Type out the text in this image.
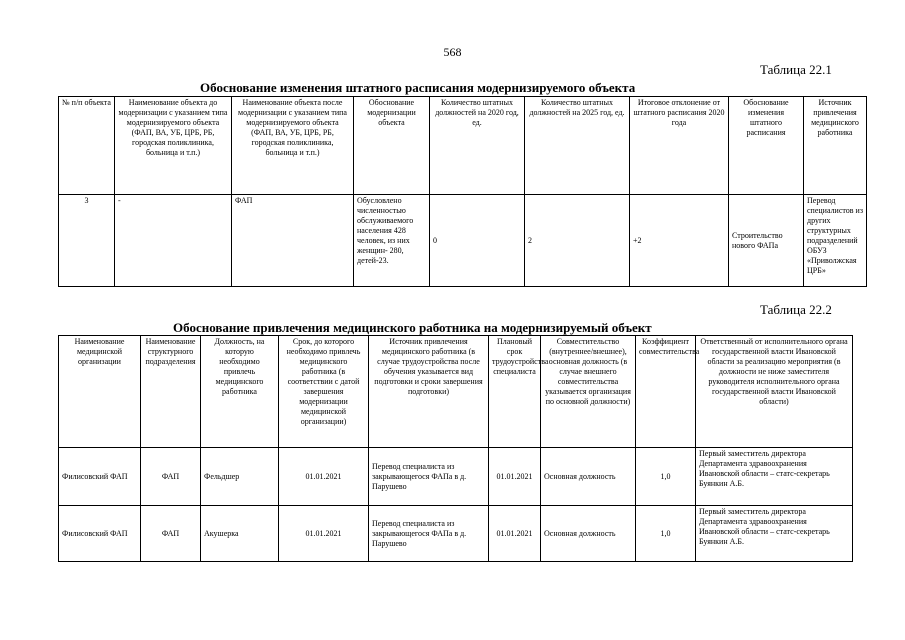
568
Таблица 22.1
Обоснование изменения штатного расписания модернизируемого объекта
№ п/п объекта	Наименование объекта до модернизации с указанием типа модернизируемого объекта (ФАП, ВА, УБ, ЦРБ, РБ, городская поликлиника, больница и т.п.)	Наименование объекта после модернизации с указанием типа модернизируемого объекта (ФАП, ВА, УБ, ЦРБ, РБ, городская поликлиника, больница и т.п.)	Обоснование модернизации объекта	Количество штатных должностей на 2020 год, ед.	Количество штатных должностей на 2025 год, ед.	Итоговое отклонение от штатного расписания 2020 года	Обоснование изменения штатного расписания	Источник привлечения медицинского работника
3	-	ФАП	Обусловлено численностью обслуживаемого населения 428 человек, из них женщин- 280, детей-23.	0	2	+2	Строительство нового ФАПа	Перевод специалистов из других структурных подразделений ОБУЗ «Приволжская ЦРБ»
Таблица 22.2
Обоснование привлечения медицинского работника на модернизируемый объект
Наименование медицинской организации	Наименование структурного подразделения	Должность, на которую необходимо привлечь медицинского работника	Срок, до которого необходимо привлечь медицинского работника (в соответствии с датой завершения модернизации медицинской организации)	Источник привлечения медицинского работника (в случае трудоустройства после обучения указывается вид подготовки и сроки завершения подготовки)	Плановый срок трудоустройства специалиста	Совместительство (внутреннее/внешнее), основная должность (в случае внешнего совместительства указывается организация по основной должности)	Коэффициент совместительства	Ответственный от исполнительного органа государственной власти Ивановской области за реализацию мероприятия (в должности не ниже заместителя руководителя исполнительного органа государственной власти Ивановской области)
Филисовский ФАП	ФАП	Фельдшер	01.01.2021	Перевод специалиста из закрывающегося ФАПа в д. Парушево	01.01.2021	Основная должность	1,0	Первый заместитель директора Департамента здравоохранения Ивановской области – статс-секретарь Буянкин А.Б.
Филисовский ФАП	ФАП	Акушерка	01.01.2021	Перевод специалиста из закрывающегося ФАПа в д. Парушево	01.01.2021	Основная должность	1,0	Первый заместитель директора Департамента здравоохранения Ивановской области – статс-секретарь Буянкин А.Б.
